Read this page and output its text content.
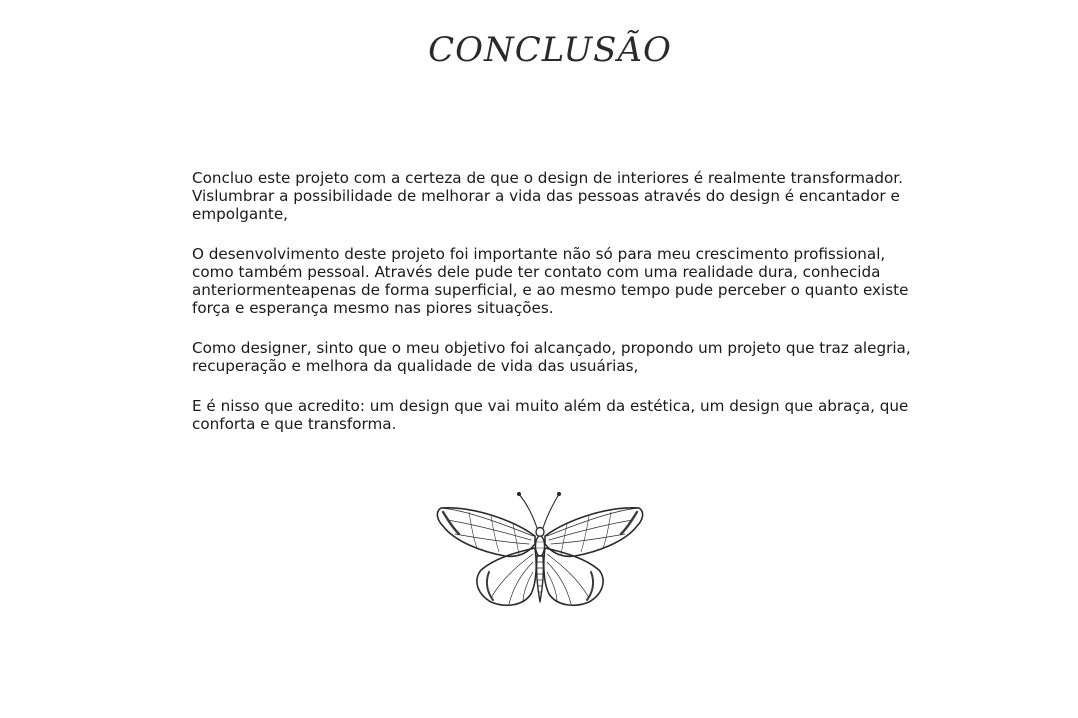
CONCLUSÃO

Concluo este projeto com a certeza de que o design de interiores é realmente transformador. Vislumbrar a possibilidade de melhorar a vida das pessoas através do design é encantador e empolgante,

O desenvolvimento deste projeto foi importante não só para meu crescimento profissional, como também pessoal. Através dele pude ter contato com uma realidade dura, conhecida anteriormenteapenas de forma superficial, e ao mesmo tempo pude perceber o quanto existe força e esperança mesmo nas piores situações.

Como designer, sinto que o meu objetivo foi alcançado, propondo um projeto que traz alegria, recuperação e melhora da qualidade de vida das usuárias,

E é nisso que acredito: um design que vai muito além da estética, um design que abraça, que conforta e que transforma.
